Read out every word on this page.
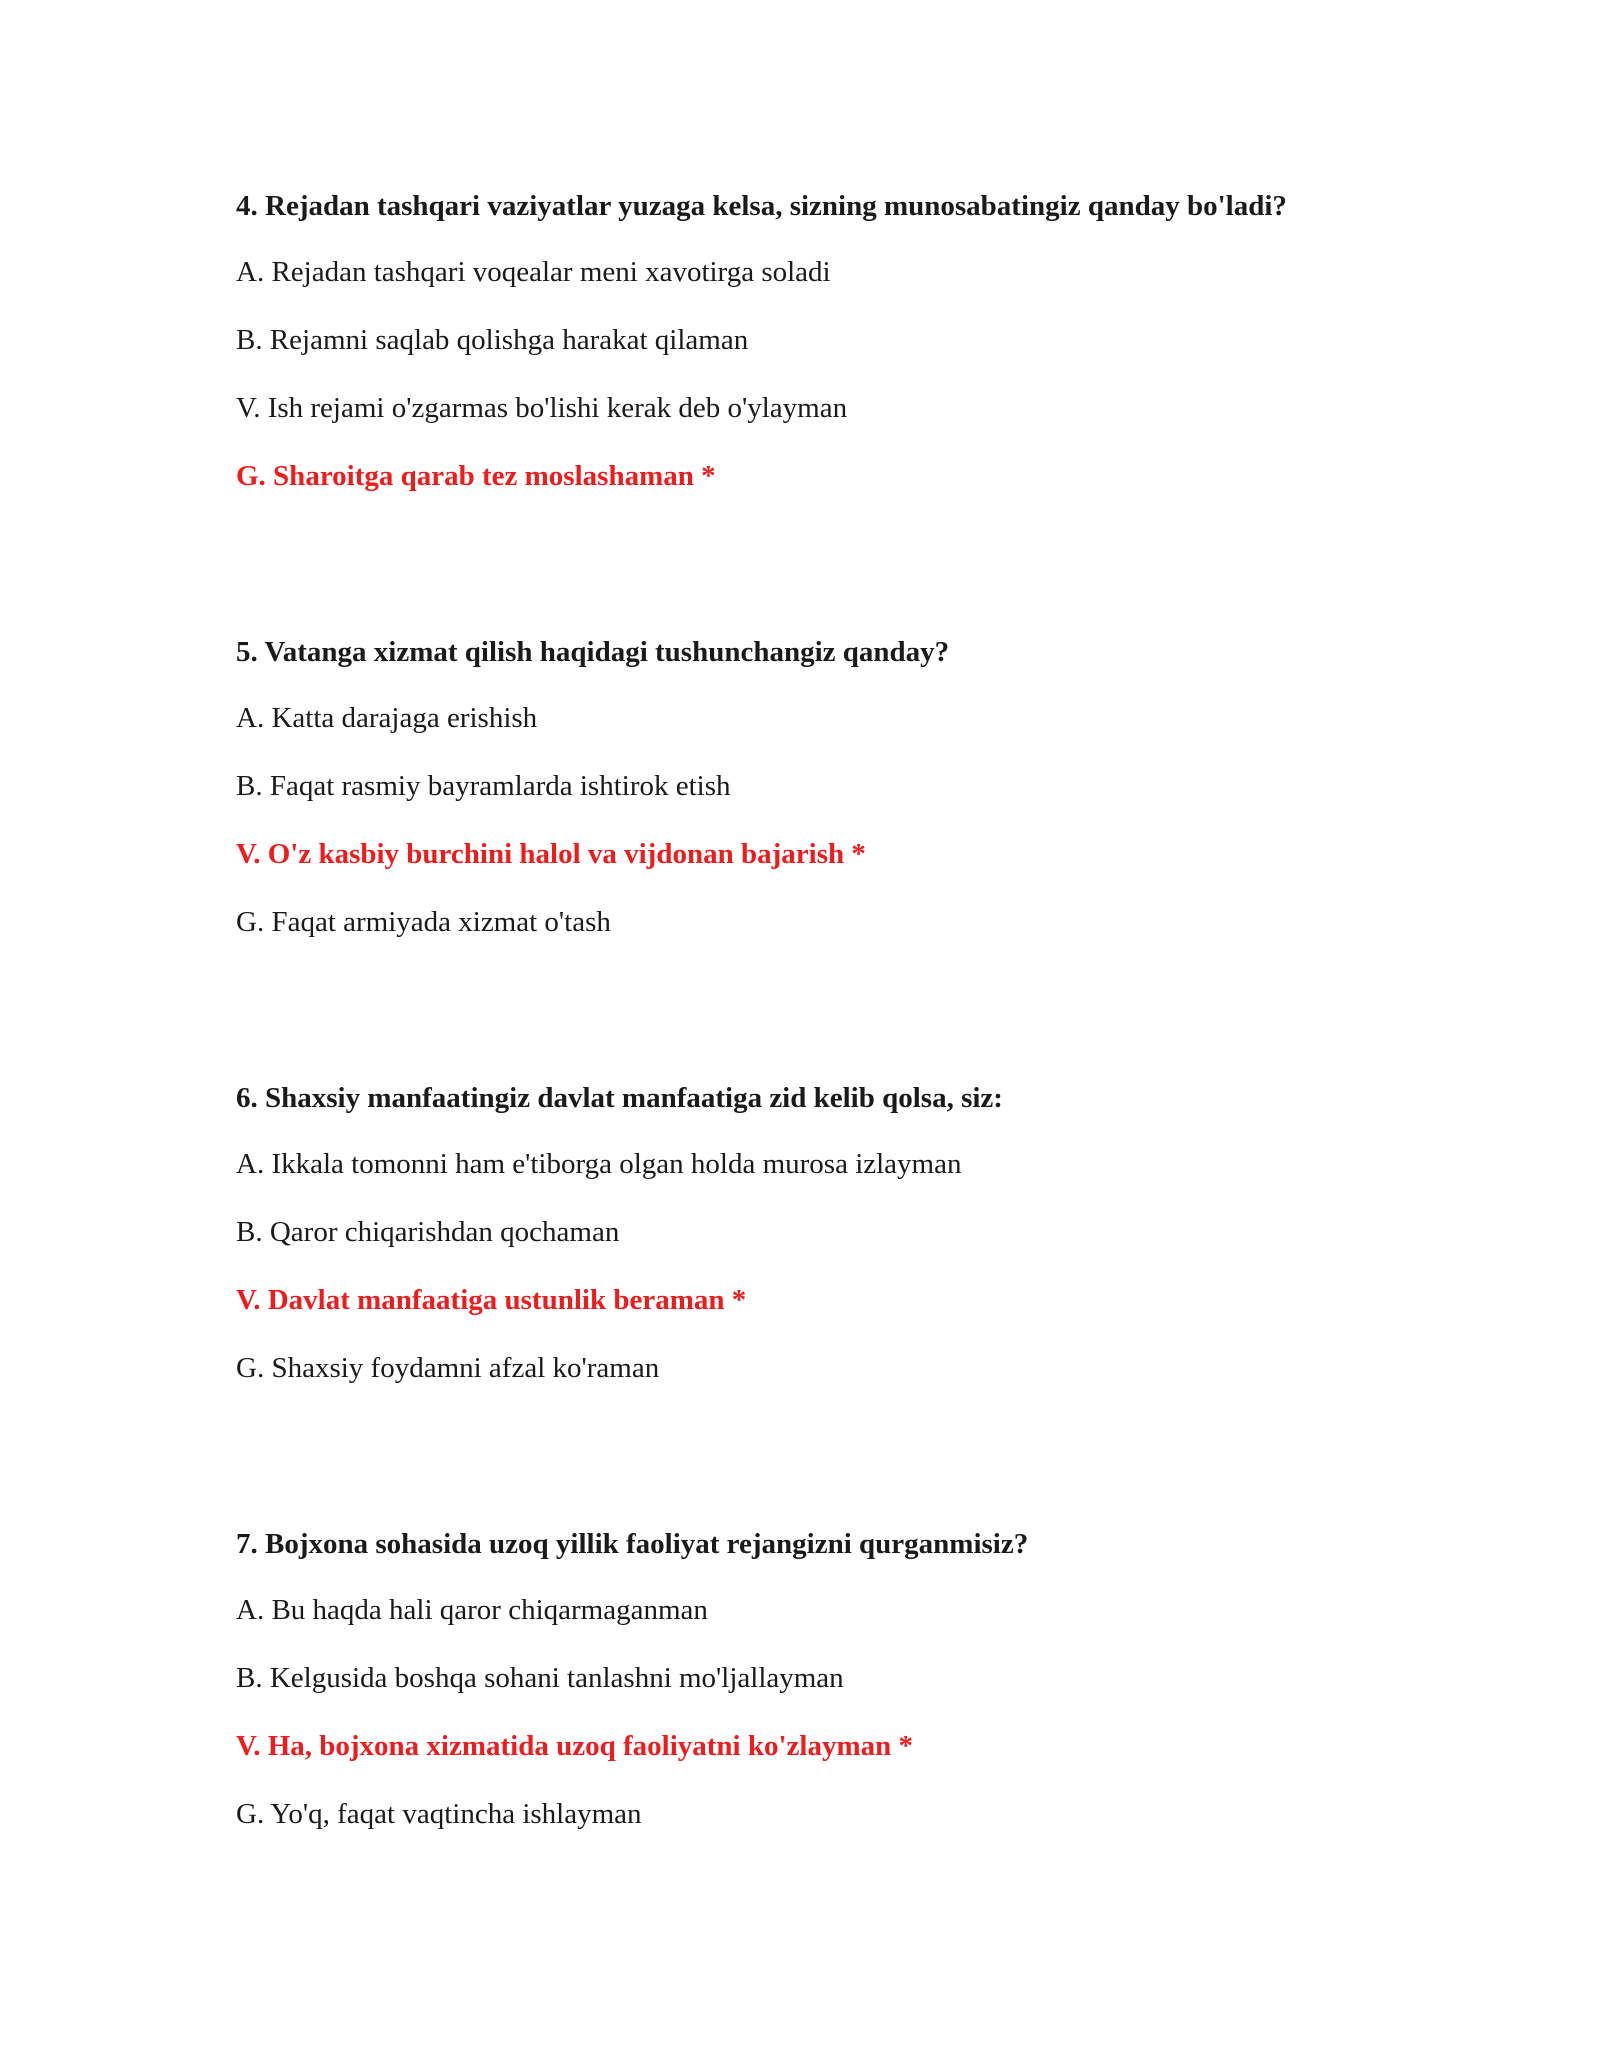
4. Rejadan tashqari vaziyatlar yuzaga kelsa, sizning munosabatingiz qanday bo'ladi?
A. Rejadan tashqari voqealar meni xavotirga soladi
B. Rejamni saqlab qolishga harakat qilaman
V. Ish rejami o'zgarmas bo'lishi kerak deb o'ylayman
G. Sharoitga qarab tez moslashaman *
5. Vatanga xizmat qilish haqidagi tushunchangiz qanday?
A. Katta darajaga erishish
B. Faqat rasmiy bayramlarda ishtirok etish
V. O'z kasbiy burchini halol va vijdonan bajarish *
G. Faqat armiyada xizmat o'tash
6. Shaxsiy manfaatingiz davlat manfaatiga zid kelib qolsa, siz:
A. Ikkala tomonni ham e'tiborga olgan holda murosa izlayman
B. Qaror chiqarishdan qochaman
V. Davlat manfaatiga ustunlik beraman *
G. Shaxsiy foydamni afzal ko'raman
7. Bojxona sohasida uzoq yillik faoliyat rejangizni qurganmisiz?
A. Bu haqda hali qaror chiqarmaganman
B. Kelgusida boshqa sohani tanlashni mo'ljallayman
V. Ha, bojxona xizmatida uzoq faoliyatni ko'zlayman *
G. Yo'q, faqat vaqtincha ishlayman
